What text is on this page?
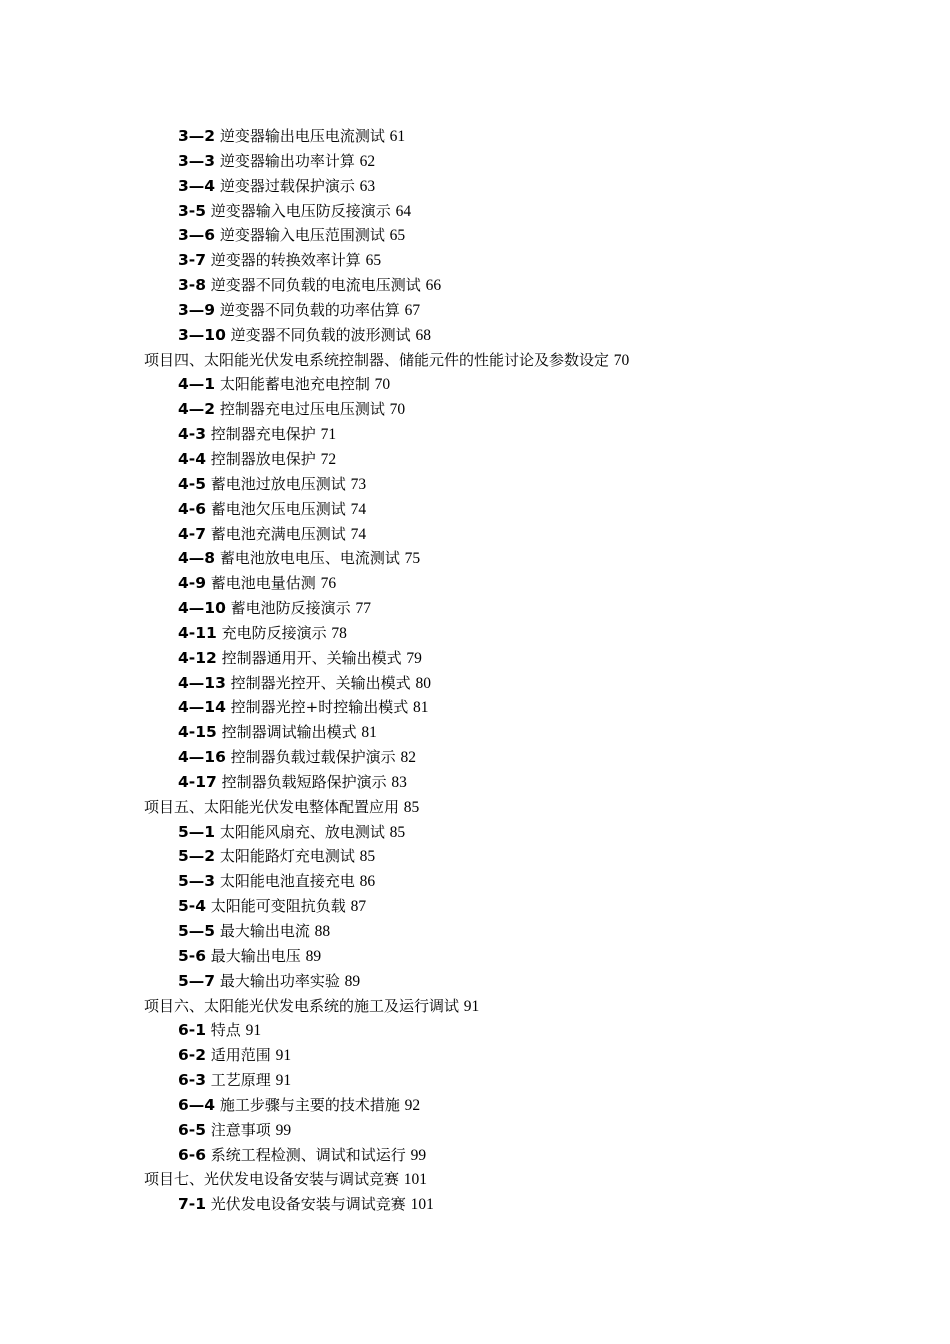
3—2 逆变器输出电压电流测试 61
3—3 逆变器输出功率计算 62
3—4 逆变器过载保护演示 63
3-5 逆变器输入电压防反接演示 64
3—6 逆变器输入电压范围测试 65
3-7 逆变器的转换效率计算 65
3-8 逆变器不同负载的电流电压测试 66
3—9 逆变器不同负载的功率估算 67
3—10 逆变器不同负载的波形测试 68
项目四、太阳能光伏发电系统控制器、储能元件的性能讨论及参数设定 70
4—1 太阳能蓄电池充电控制 70
4—2 控制器充电过压电压测试 70
4-3 控制器充电保护 71
4-4 控制器放电保护 72
4-5 蓄电池过放电压测试 73
4-6 蓄电池欠压电压测试 74
4-7 蓄电池充满电压测试 74
4—8 蓄电池放电电压、电流测试 75
4-9 蓄电池电量估测 76
4—10 蓄电池防反接演示 77
4-11 充电防反接演示 78
4-12 控制器通用开、关输出模式 79
4—13 控制器光控开、关输出模式 80
4—14 控制器光控+时控输出模式 81
4-15 控制器调试输出模式 81
4—16 控制器负载过载保护演示 82
4-17 控制器负载短路保护演示 83
项目五、太阳能光伏发电整体配置应用 85
5—1 太阳能风扇充、放电测试 85
5—2 太阳能路灯充电测试 85
5—3 太阳能电池直接充电 86
5-4 太阳能可变阻抗负载 87
5—5 最大输出电流 88
5-6 最大输出电压 89
5—7 最大输出功率实验 89
项目六、太阳能光伏发电系统的施工及运行调试 91
6-1 特点 91
6-2 适用范围 91
6-3 工艺原理 91
6—4 施工步骤与主要的技术措施 92
6-5 注意事项 99
6-6 系统工程检测、调试和试运行 99
项目七、光伏发电设备安装与调试竞赛 101
7-1 光伏发电设备安装与调试竞赛 101
